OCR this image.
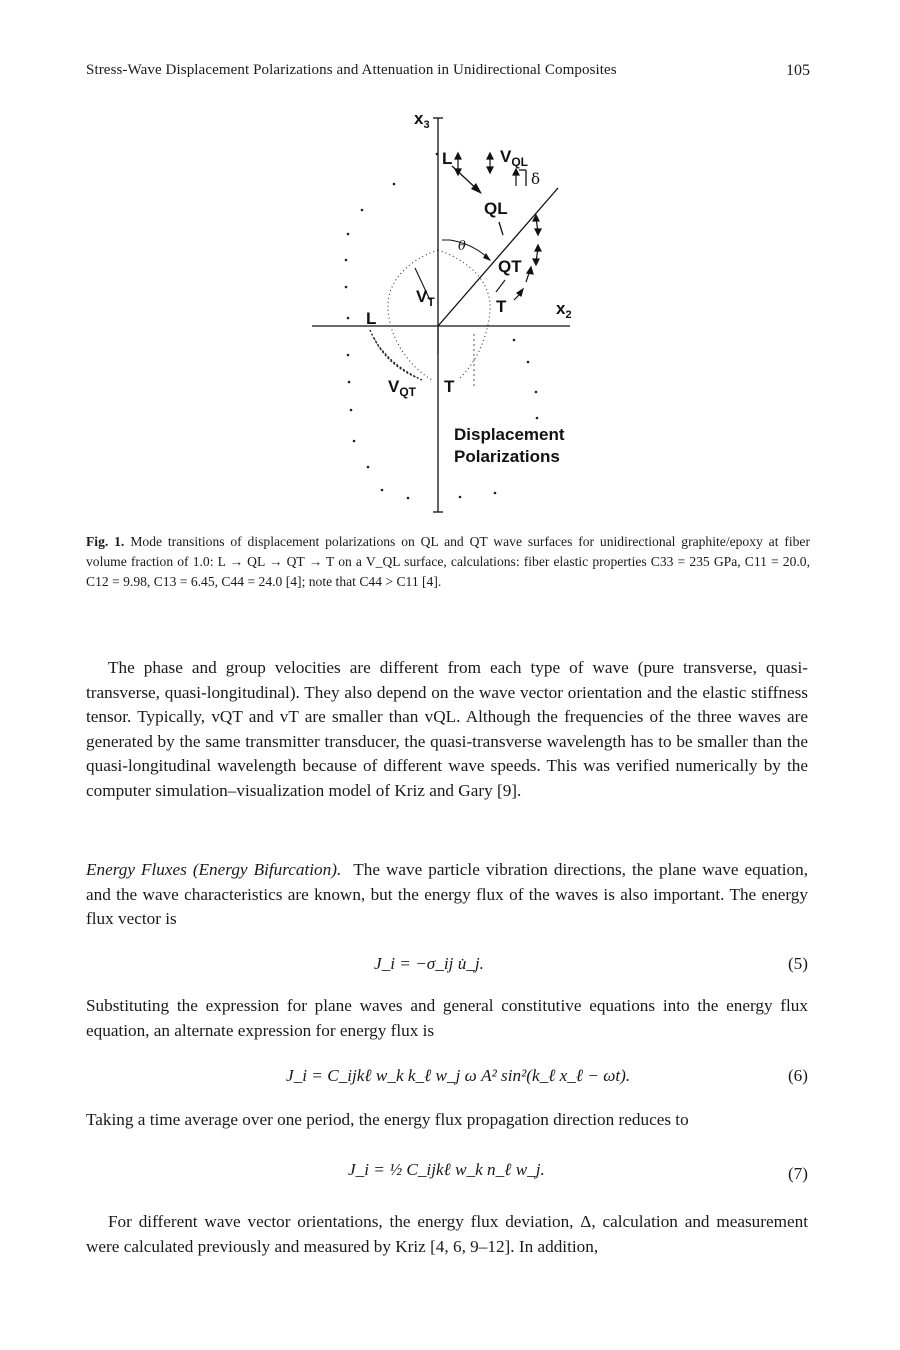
Stress-Wave Displacement Polarizations and Attenuation in Unidirectional Composites	105
$x_3$
$x_2$
L	$V_{QL}$
δ
QL
θ
QT
$V_T$	T
L
$V_{QT}$ T
Displacement
Polarizations
Fig. 1. Mode transitions of displacement polarizations on QL and QT wave surfaces for unidirectional graphite/epoxy at fiber volume fraction of 1.0: L → QL → QT → T on a V_QL surface, calculations: fiber elastic properties C33 = 235 GPa, C11 = 20.0, C12 = 9.98, C13 = 6.45, C44 = 24.0 [4]; note that C44 > C11 [4].
The phase and group velocities are different from each type of wave (pure transverse, quasi-transverse, quasi-longitudinal). They also depend on the wave vector orientation and the elastic stiffness tensor. Typically, vQT and vT are smaller than vQL. Although the frequencies of the three waves are generated by the same transmitter transducer, the quasi-transverse wavelength has to be smaller than the quasi-longitudinal wavelength because of different wave speeds. This was verified numerically by the computer simulation–visualization model of Kriz and Gary [9].
Energy Fluxes (Energy Bifurcation). The wave particle vibration directions, the plane wave equation, and the wave characteristics are known, but the energy flux of the waves is also important. The energy flux vector is
J_i = −σ_ij u̇_j.	(5)
Substituting the expression for plane waves and general constitutive equations into the energy flux equation, an alternate expression for energy flux is
J_i = C_ijkℓ w_k k_ℓ w_j ω A² sin²(k_ℓ x_ℓ − ωt).	(6)
Taking a time average over one period, the energy flux propagation direction reduces to
J_i = ½ C_ijkℓ w_k n_ℓ w_j.	(7)
For different wave vector orientations, the energy flux deviation, Δ, calculation and measurement were calculated previously and measured by Kriz [4, 6, 9–12]. In addition,
